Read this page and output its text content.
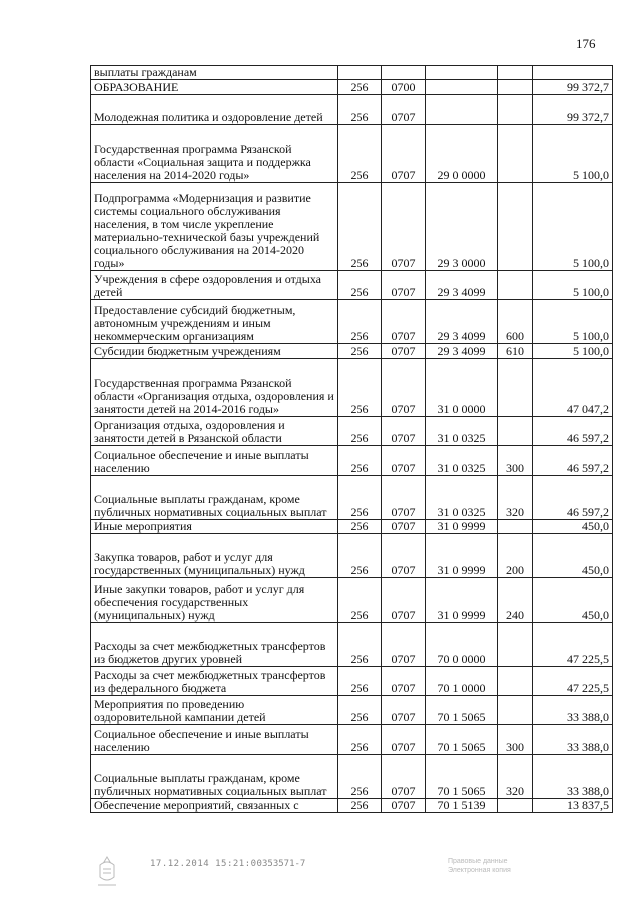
176
выплаты гражданам					
ОБРАЗОВАНИЕ	256	0700			99 372,7
Молодежная политика и оздоровление детей	256	0707			99 372,7
Государственная программа Рязанской области «Социальная защита и поддержка населения на 2014-2020 годы»	256	0707	29 0 0000		5 100,0
Подпрограмма «Модернизация и развитие системы социального обслуживания населения, в том числе укрепление материально-технической базы учреждений социального обслуживания на 2014-2020 годы»	256	0707	29 3 0000		5 100,0
Учреждения в сфере оздоровления и отдыха детей	256	0707	29 3 4099		5 100,0
Предоставление субсидий бюджетным, автономным учреждениям и иным некоммерческим организациям	256	0707	29 3 4099	600	5 100,0
Субсидии бюджетным учреждениям	256	0707	29 3 4099	610	5 100,0
Государственная программа Рязанской области «Организация отдыха, оздоровления и занятости детей на 2014-2016 годы»	256	0707	31 0 0000		47 047,2
Организация отдыха, оздоровления и занятости детей в Рязанской области	256	0707	31 0 0325		46 597,2
Социальное обеспечение и иные выплаты населению	256	0707	31 0 0325	300	46 597,2
Социальные выплаты гражданам, кроме публичных нормативных социальных выплат	256	0707	31 0 0325	320	46 597,2
Иные мероприятия	256	0707	31 0 9999		450,0
Закупка товаров, работ и услуг для государственных (муниципальных) нужд	256	0707	31 0 9999	200	450,0
Иные закупки товаров, работ и услуг для обеспечения государственных (муниципальных) нужд	256	0707	31 0 9999	240	450,0
Расходы за счет межбюджетных трансфертов из бюджетов других уровней	256	0707	70 0 0000		47 225,5
Расходы за счет межбюджетных трансфертов из федерального бюджета	256	0707	70 1 0000		47 225,5
Мероприятия по проведению оздоровительной кампании детей	256	0707	70 1 5065		33 388,0
Социальное обеспечение и иные выплаты населению	256	0707	70 1 5065	300	33 388,0
Социальные выплаты гражданам, кроме публичных нормативных социальных выплат	256	0707	70 1 5065	320	33 388,0
Обеспечение мероприятий, связанных с	256	0707	70 1 5139		13 837,5
17.12.2014 15:21:00 353571-7	Правовые данные
Электронная копия
